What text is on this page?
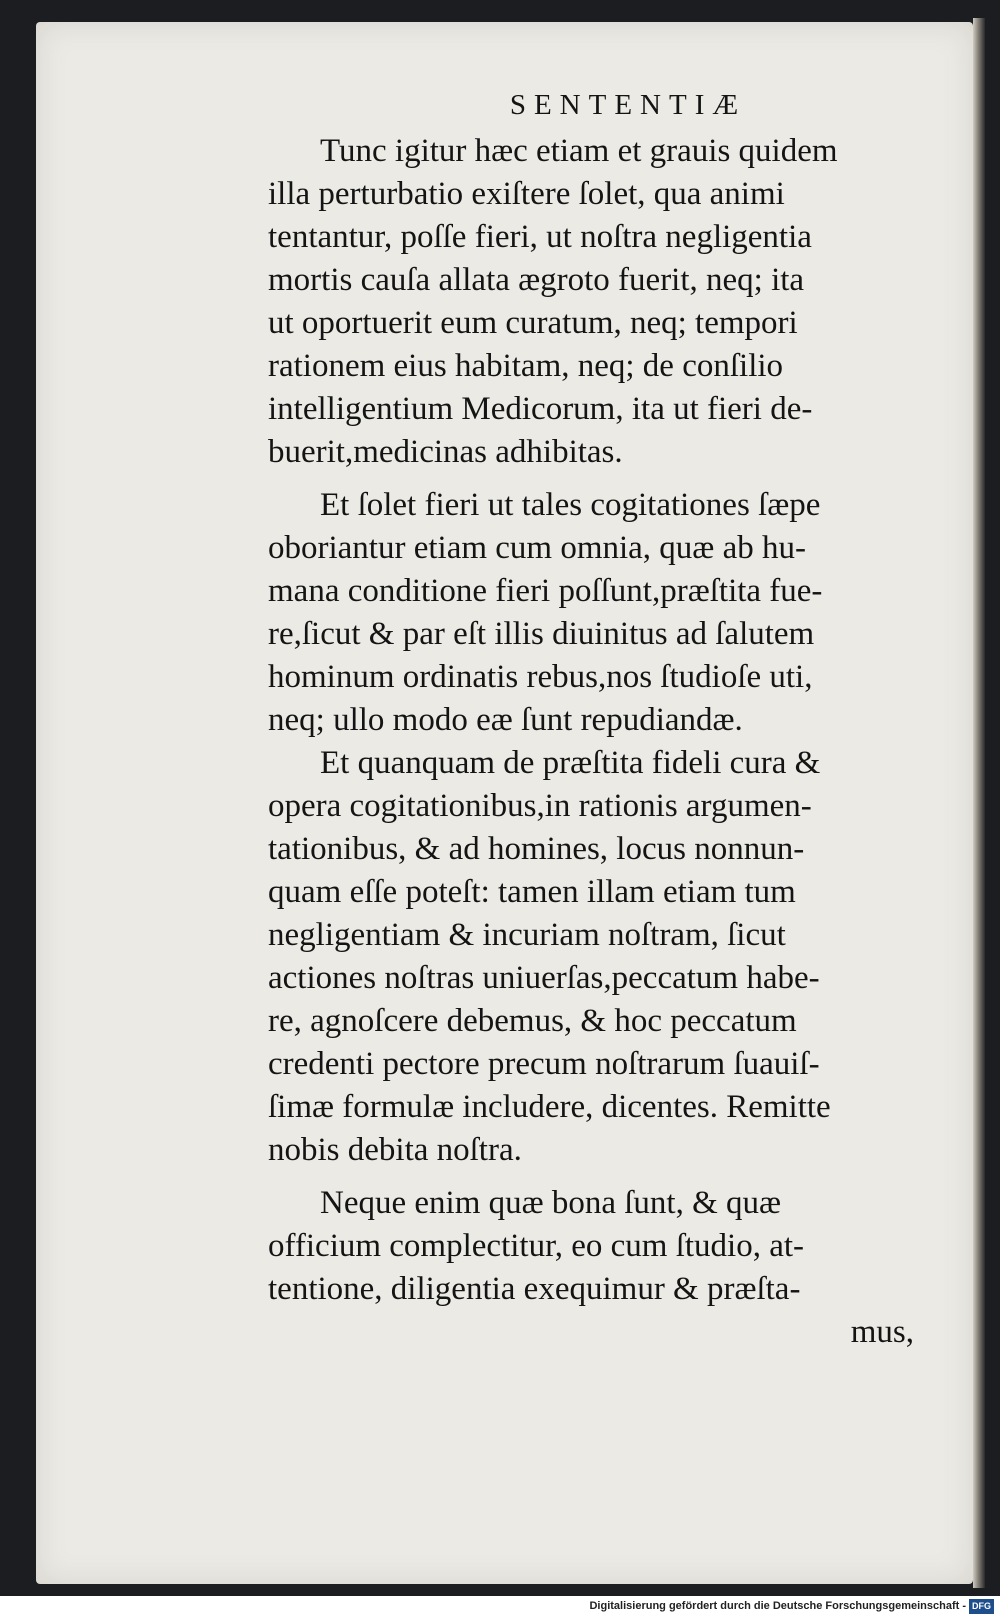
SENTENTIÆ
Tunc igitur hæc etiam et grauis quidem
illa perturbatio exiſtere ſolet, qua animi
tentantur, poſſe fieri, ut noſtra negligentia
mortis cauſa allata ægroto fuerit, neq; ita
ut oportuerit eum curatum, neq; tempori
rationem eius habitam, neq; de conſilio
intelligentium Medicorum, ita ut fieri de-
buerit,medicinas adhibitas.
Et ſolet fieri ut tales cogitationes ſæpe
oboriantur etiam cum omnia, quæ ab hu-
mana conditione fieri poſſunt,præſtita fue-
re,ſicut & par eſt illis diuinitus ad ſalutem
hominum ordinatis rebus,nos ſtudioſe uti,
neq; ullo modo eæ ſunt repudiandæ.
Et quanquam de præſtita fideli cura &
opera cogitationibus,in rationis argumen-
tationibus, & ad homines, locus nonnun-
quam eſſe poteſt: tamen illam etiam tum
negligentiam & incuriam noſtram, ſicut
actiones noſtras uniuerſas,peccatum habe-
re, agnoſcere debemus, & hoc peccatum
credenti pectore precum noſtrarum ſuauiſ-
ſimæ formulæ includere, dicentes. Remitte
nobis debita noſtra.
Neque enim quæ bona ſunt, & quæ
officium complectitur, eo cum ſtudio, at-
tentione, diligentia exequimur & præſta-
mus,
Digitalisierung gefördert durch die Deutsche Forschungsgemeinschaft - DFG
